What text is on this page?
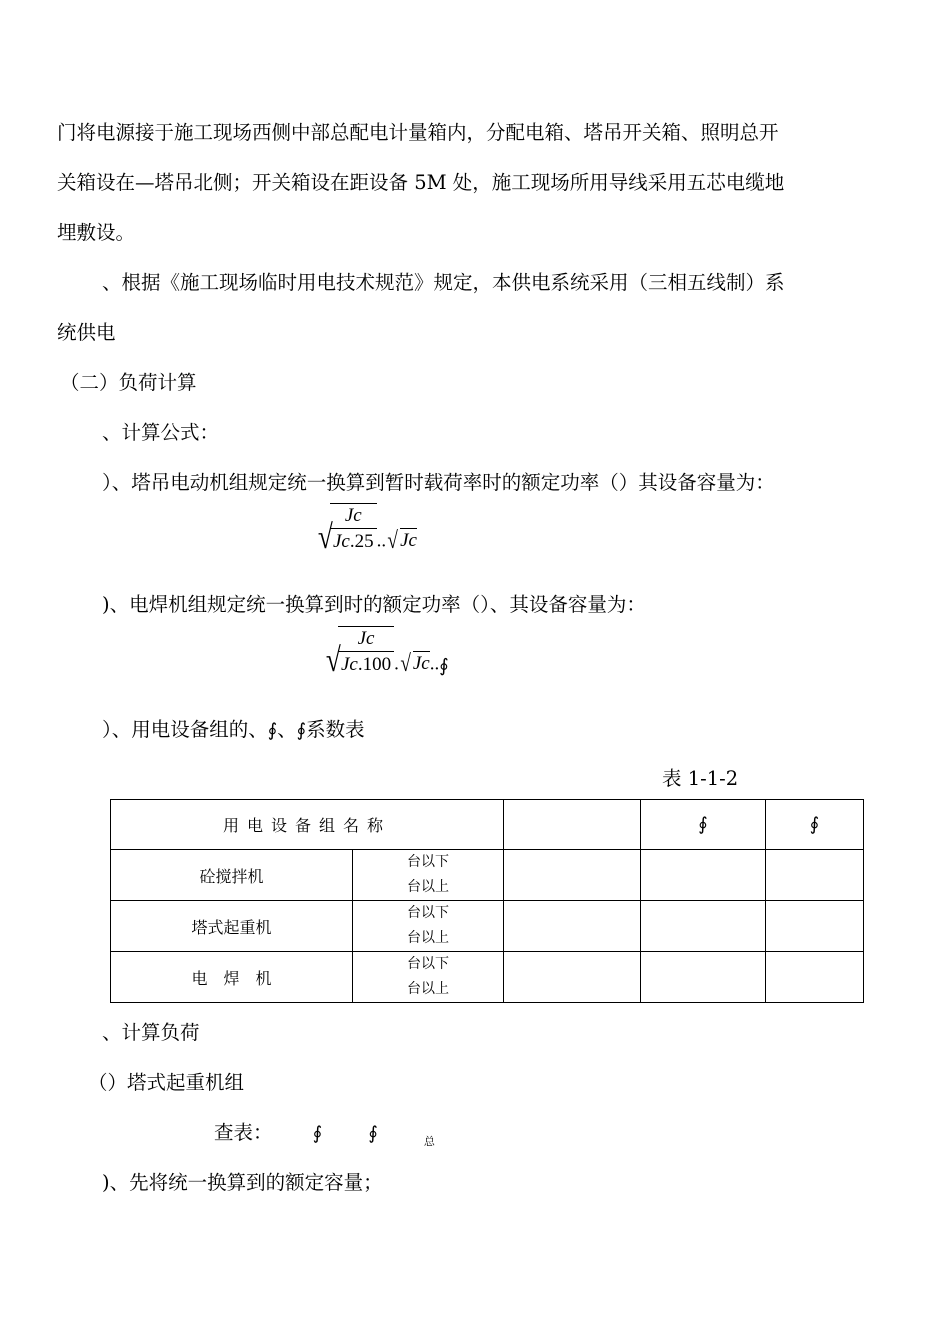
门将电源接于施工现场西侧中部总配电计量箱内，分配电箱、塔吊开关箱、照明总开
关箱设在—塔吊北侧；开关箱设在距设备 5M 处，施工现场所用导线采用五芯电缆地
埋敷设。
、根据《施工现场临时用电技术规范》规定，本供电系统采用（三相五线制）系
统供电
（二）负荷计算
、计算公式：
）、塔吊电动机组规定统一换算到暂时载荷率时的额定功率（）其设备容量为：
√
$\frac{Jc}{Jc.25}$ .. √ Jc
)、电焊机组规定统一换算到时的额定功率（）、其设备容量为：
√
$\frac{Jc}{Jc.100}$ . √ Jc..∮
）、用电设备组的、∮、∮系数表
表 1-1-2
用电设备组名称			∮	∮
砼搅拌机	台以下
台以上			

塔式起重机	台以下
台以上			

电　焊　机	台以下
台以上			

、计算负荷
（）塔式起重机组
查表： ∮	∮	$_总$
)、先将统一换算到的额定容量；
